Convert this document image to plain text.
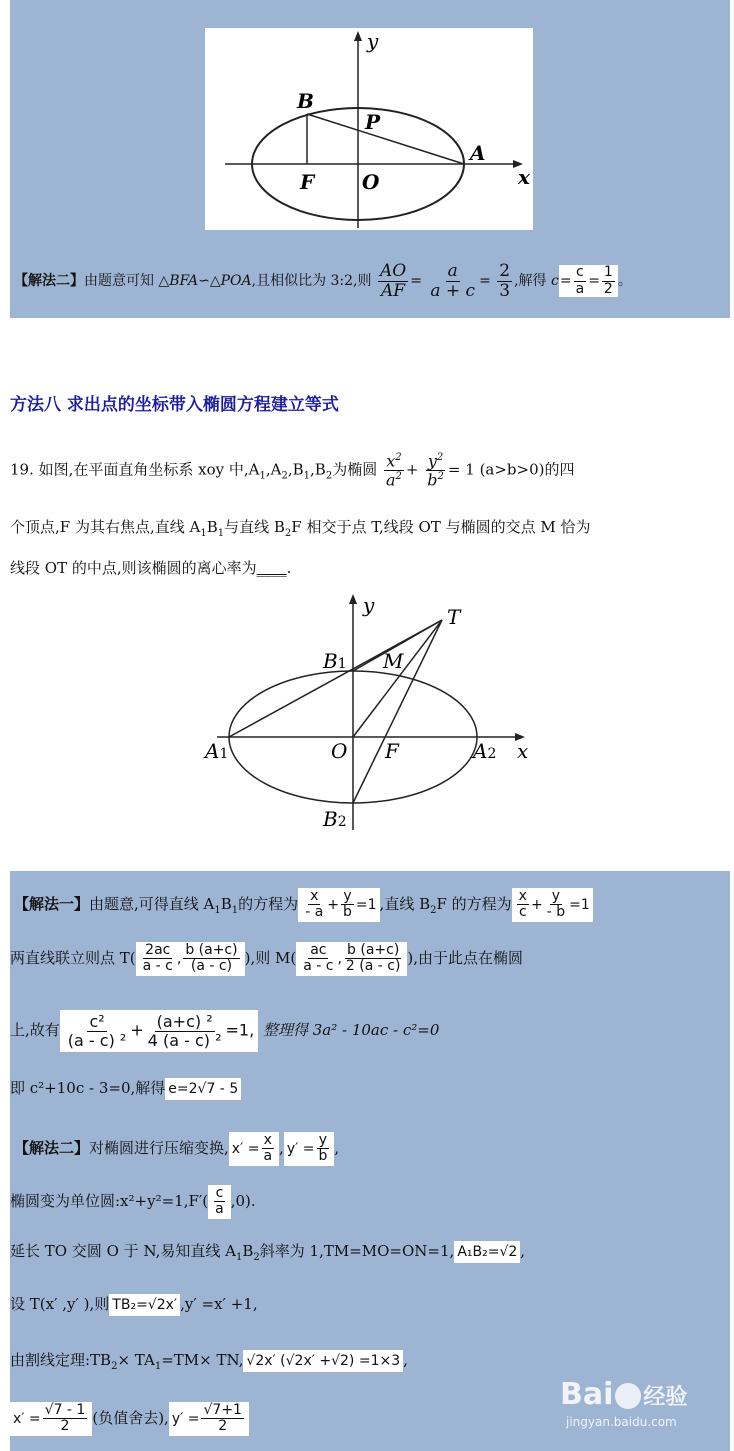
y
B
P
A
x
F O
【解法二】由题意可知 △BFA∽△POA,且相似比为 3:2,则 $\frac{AO}{AF} = \frac{a}{a + c} = \frac{2}{3}$ ,解得 $c= \frac{c}{a} = \frac{1}{2}$ 。
方法八 求出点的坐标带入椭圆方程建立等式
19. 如图,在平面直角坐标系 xoy 中$,A_1,A_2,B_1,B_2$为椭圆 $\frac{x^2}{a^2} + \frac{y^2}{b^2} = 1$ (a>b>0)的四
个顶点,F 为其右焦点,直线 $A_1B_1$与直线 $B_2F$ 相交于点 T,线段 OT 与椭圆的交点 M 恰为
线段 OT 的中点,则该椭圆的离心率为____.
y	T
B1 M
A1	O F	A2 x
B2
【解法一】由题意,可得直线 $A_1B_1$的方程为 $\frac{x}{- a} + \frac{y}{b} =1$ ,直线 $B_2F$ 的方程为 $\frac{x}{c} + \frac{y}{- b} =1$
两直线联立则点 $T( \frac{2ac}{a - c}$ , $\frac{b (a+c)}{(a - c)}$ ),则 $M( \frac{ac}{a - c}$ , $\frac{b (a+c)}{2 (a - c)}$ ),由于此点在椭圆
上,故有 $\frac{\text{c²}}{\text{(a - c) ²}} + \frac{\text{(a+c) ²}}{\text{4 (a - c) ²}} =1$, 整理得 3a² - 10ac - c²=0
即 c²+10c - 3=0,解得 e=2√7 - 5
【解法二】对椭圆进行压缩变换, $x' = \frac{x}{a}$ , $y' = \frac{y}{b}$ ,
椭圆变为单位圆:x²+y²=1,F′( $\frac{c}{a} ,0$).
延长 TO 交圆 O 于 N,易知直线 $A_1B_2$斜率为 1,TM=MO=ON=1, A₁B₂=√2 ,
设 T(x′ ,y′ ),则 TB₂=√2x′ ,y′ =x′ +1,
由割线定理$:TB_2\times TA_1=TM\times$ TN, √2x′ (√2x′ +√2) =1×3 ,
$x' = \frac{√7 - 1}{2}$ (负值舍去), $y' = \frac{√7+1}{2}$
Bai 经验
jingyan.baidu.com
